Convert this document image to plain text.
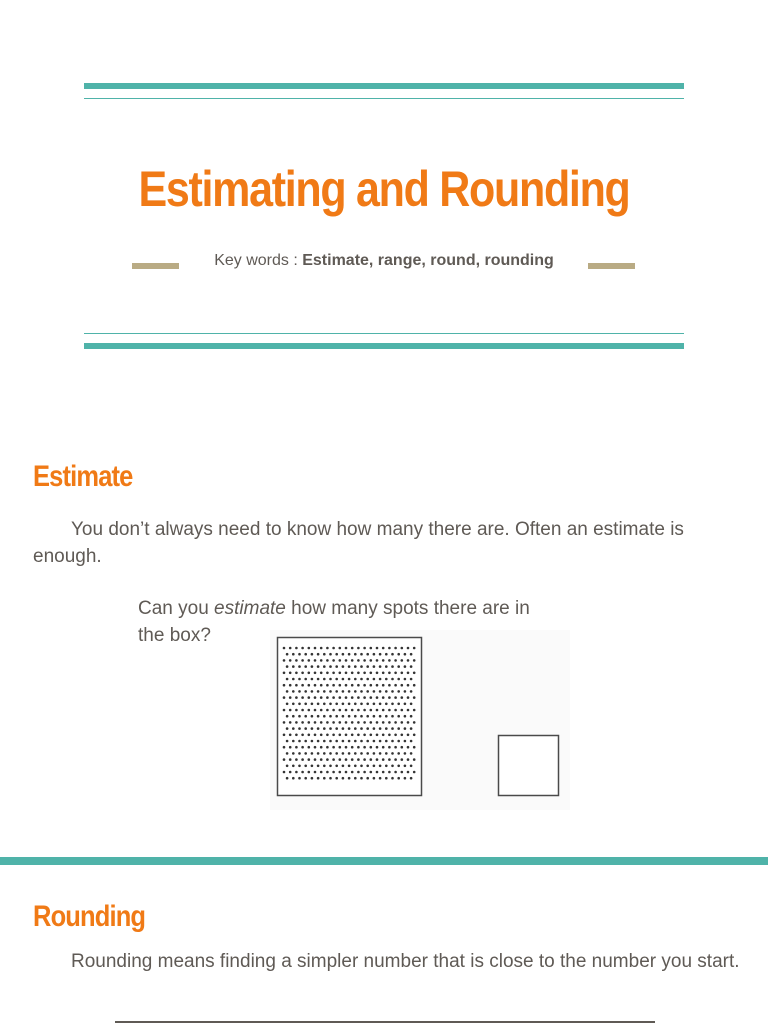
Estimating and Rounding
Key words : Estimate, range, round, rounding
Estimate
You don’t always need to know how many there are. Often an estimate is enough.
Can you estimate how many spots there are in the box?
Rounding
Rounding means finding a simpler number that is close to the number you start.
